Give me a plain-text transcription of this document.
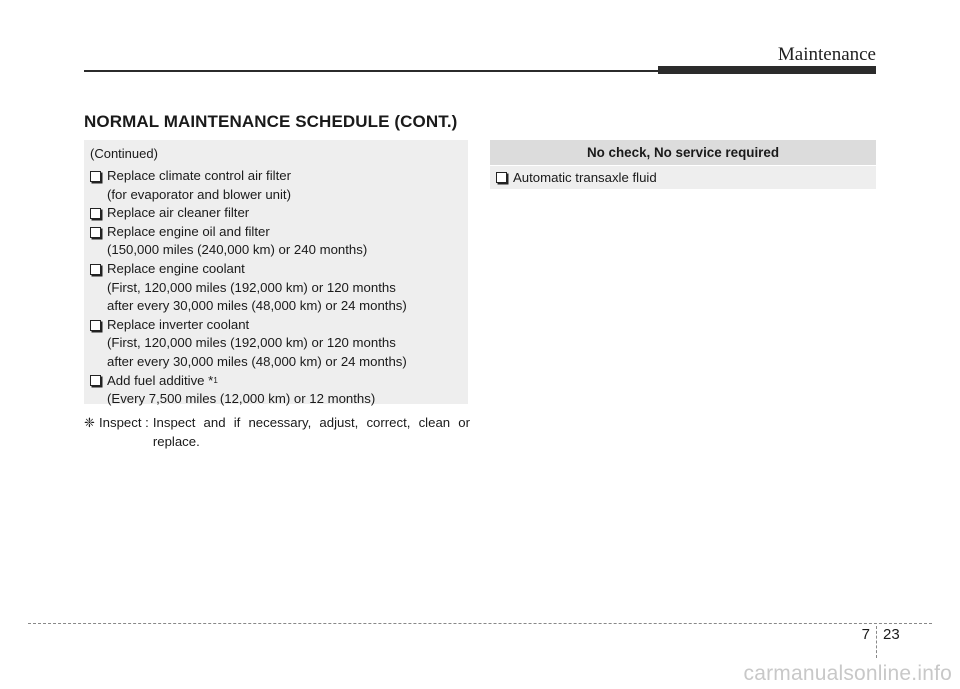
Maintenance
NORMAL MAINTENANCE SCHEDULE (CONT.)
(Continued)
Replace climate control air filter
(for evaporator and blower unit)
Replace air cleaner filter
Replace engine oil and filter
(150,000 miles (240,000 km) or 240 months)
Replace engine coolant
(First, 120,000 miles (192,000 km) or 120 months
after every 30,000 miles (48,000 km) or 24 months)
Replace inverter coolant
(First, 120,000 miles (192,000 km) or 120 months
after every 30,000 miles (48,000 km) or 24 months)
Add fuel additive * 1
(Every 7,500 miles (12,000 km) or 12 months)
❈ Inspect : Inspect and if necessary, adjust, correct, clean or replace.
No check, No service required
Automatic transaxle fluid
7 23
carmanualsonline.info
